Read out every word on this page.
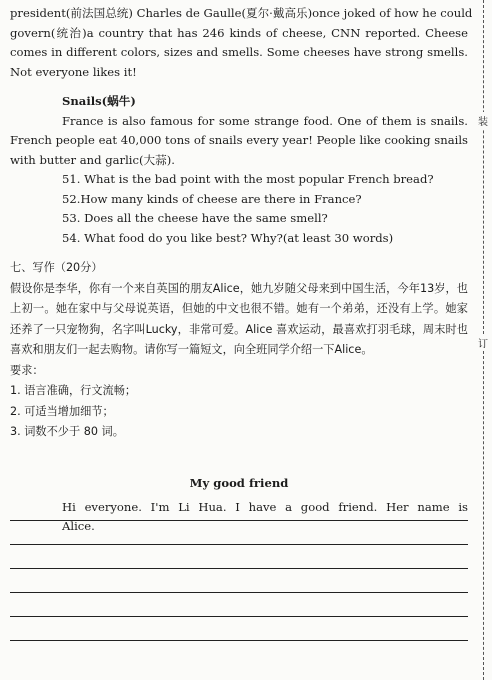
装
订

president(前法国总统) Charles de Gaulle(夏尔·戴高乐)once joked of how he could

govern(统治)a country that has 246 kinds of cheese, CNN reported. Cheese comes in different colors, sizes and smells. Some cheeses have strong smells. Not everyone likes it!

Snails(蜗牛)

France is also famous for some strange food. One of them is snails. French people eat 40,000 tons of snails every year! People like cooking snails with butter and garlic(大蒜).

51. What is the bad point with the most popular French bread?

52.How many kinds of cheese are there in France?

53. Does all the cheese have the same smell?

54. What food do you like best? Why?(at least 30 words)

七、写作（20分）

假设你是李华，你有一个来自英国的朋友Alice，她九岁随父母来到中国生活，今年13岁，也上初一。她在家中与父母说英语，但她的中文也很不错。她有一个弟弟，还没有上学。她家还养了一只宠物狗，名字叫Lucky，非常可爱。Alice 喜欢运动，最喜欢打羽毛球，周末时也喜欢和朋友们一起去购物。请你写一篇短文，向全班同学介绍一下Alice。

要求：

1. 语言准确，行文流畅；

2. 可适当增加细节；

3. 词数不少于 80 词。

My good friend

Hi everyone. I'm Li Hua. I have a good friend. Her name is Alice.
